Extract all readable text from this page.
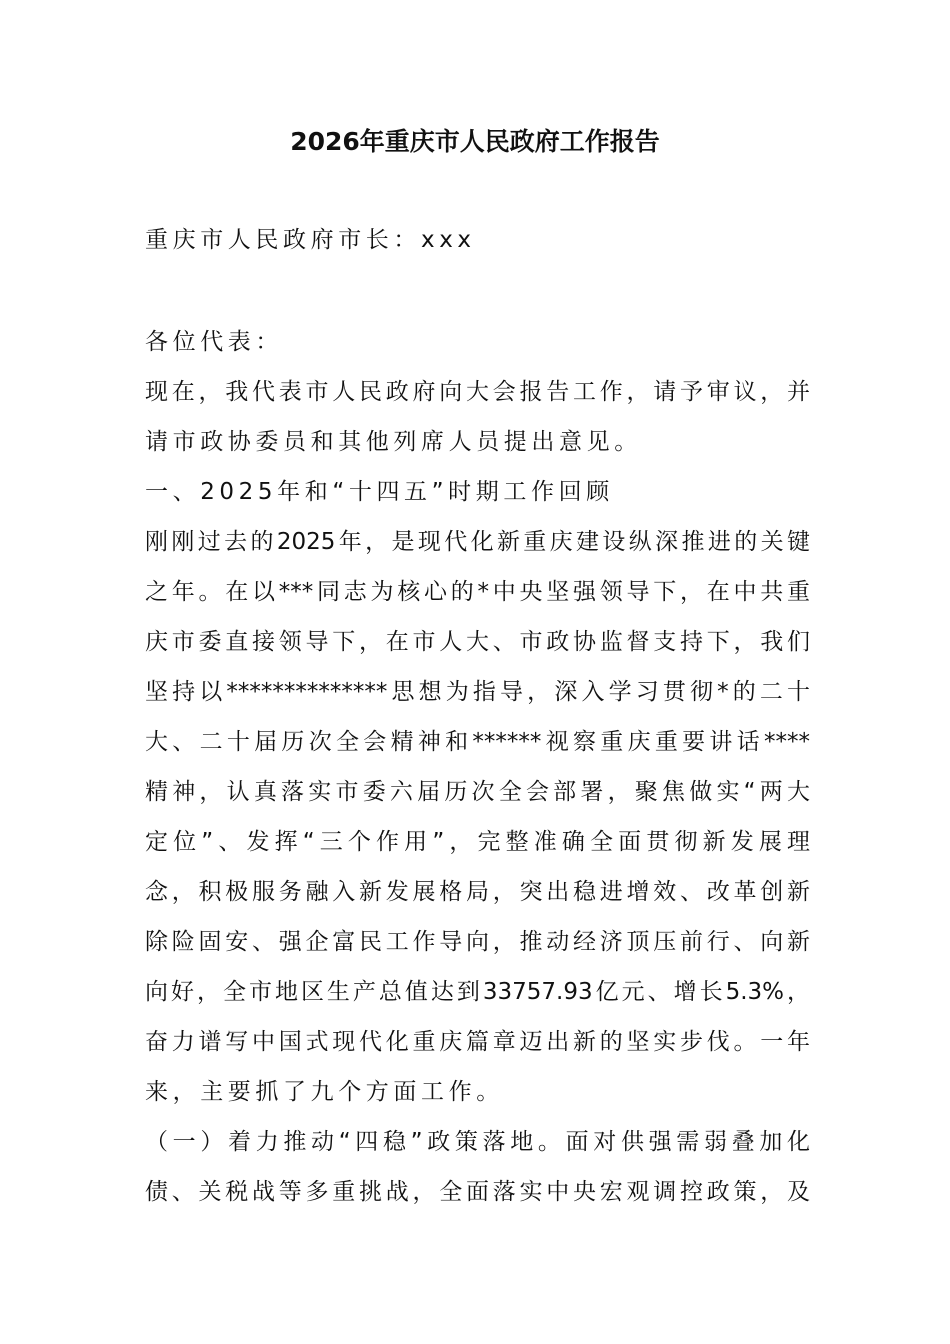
2026年重庆市人民政府工作报告
重庆市人民政府市长：xxx
各位代表：
现在，我代表市人民政府向大会报告工作，请予审议，并
请市政协委员和其他列席人员提出意见。
一、2025年和“十四五”时期工作回顾
刚刚过去的2025年，是现代化新重庆建设纵深推进的关键
之年。在以***同志为核心的*中央坚强领导下，在中共重
庆市委直接领导下，在市人大、市政协监督支持下，我们
坚持以**************思想为指导，深入学习贯彻*的二十
大、二十届历次全会精神和******视察重庆重要讲话****
精神，认真落实市委六届历次全会部署，聚焦做实“两大
定位”、发挥“三个作用”，完整准确全面贯彻新发展理
念，积极服务融入新发展格局，突出稳进增效、改革创新
除险固安、强企富民工作导向，推动经济顶压前行、向新
向好，全市地区生产总值达到33757.93亿元、增长5.3%，
奋力谱写中国式现代化重庆篇章迈出新的坚实步伐。一年
来，主要抓了九个方面工作。
（一）着力推动“四稳”政策落地。面对供强需弱叠加化
债、关税战等多重挑战，全面落实中央宏观调控政策，及
